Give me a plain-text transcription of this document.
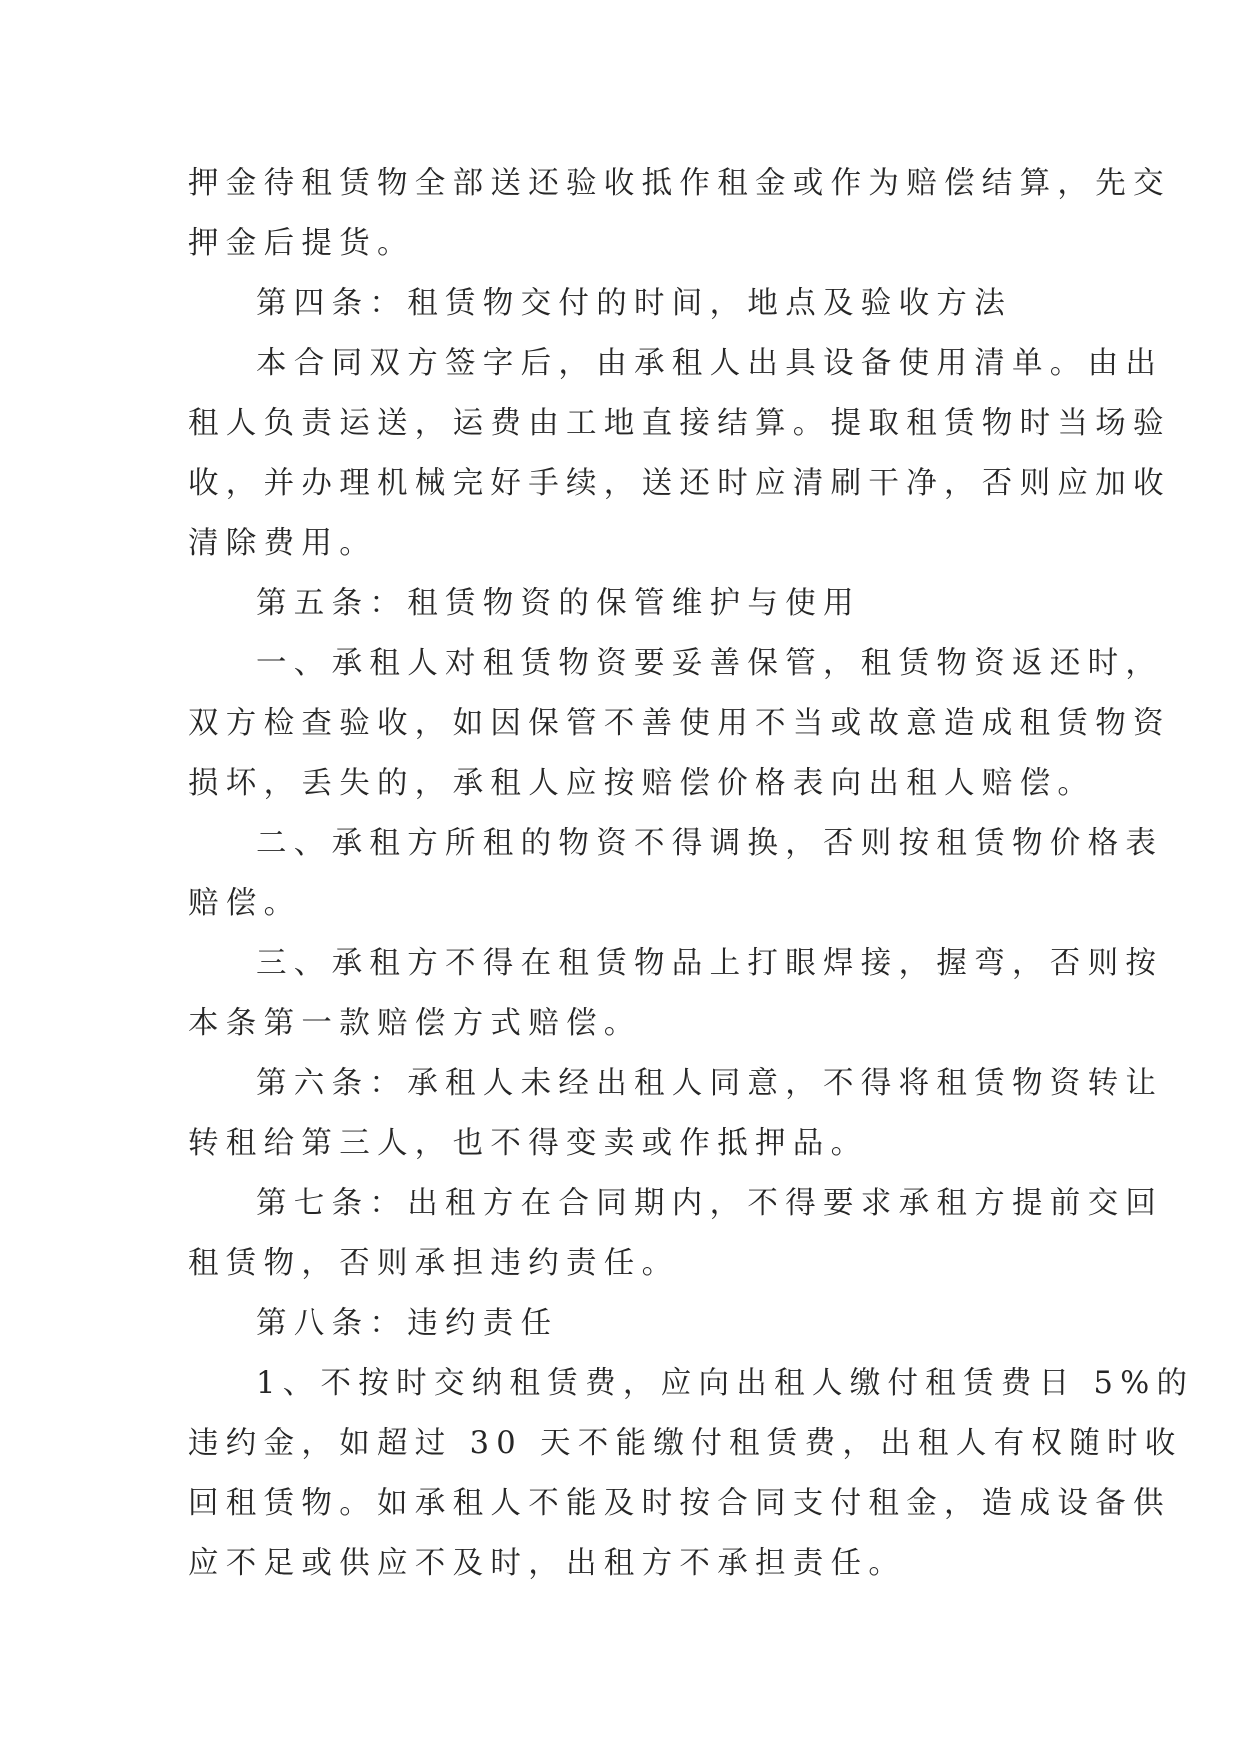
押金待租赁物全部送还验收抵作租金或作为赔偿结算，先交
押金后提货。
第四条：租赁物交付的时间，地点及验收方法
本合同双方签字后，由承租人出具设备使用清单。由出
租人负责运送，运费由工地直接结算。提取租赁物时当场验
收，并办理机械完好手续，送还时应清刷干净，否则应加收
清除费用。
第五条：租赁物资的保管维护与使用
一、承租人对租赁物资要妥善保管，租赁物资返还时，
双方检查验收，如因保管不善使用不当或故意造成租赁物资
损坏，丢失的，承租人应按赔偿价格表向出租人赔偿。
二、承租方所租的物资不得调换，否则按租赁物价格表
赔偿。
三、承租方不得在租赁物品上打眼焊接，握弯，否则按
本条第一款赔偿方式赔偿。
第六条：承租人未经出租人同意，不得将租赁物资转让
转租给第三人，也不得变卖或作抵押品。
第七条：出租方在合同期内，不得要求承租方提前交回
租赁物，否则承担违约责任。
第八条：违约责任
1、不按时交纳租赁费，应向出租人缴付租赁费日 5%的
违约金，如超过 30 天不能缴付租赁费，出租人有权随时收
回租赁物。如承租人不能及时按合同支付租金，造成设备供
应不足或供应不及时，出租方不承担责任。
